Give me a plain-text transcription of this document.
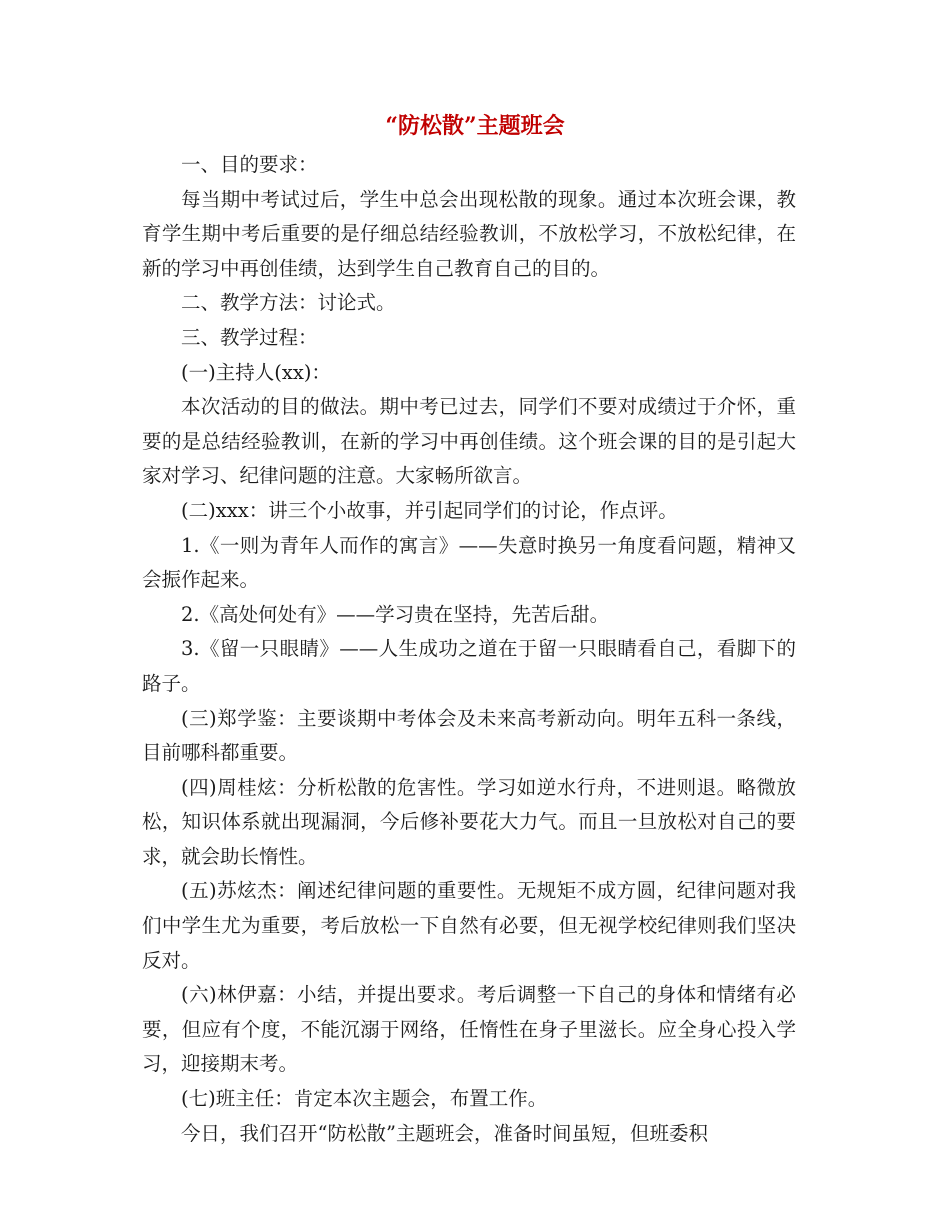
“防松散”主题班会

一、目的要求：

每当期中考试过后，学生中总会出现松散的现象。通过本次班会课，教育学生期中考后重要的是仔细总结经验教训，不放松学习，不放松纪律，在新的学习中再创佳绩，达到学生自己教育自己的目的。

二、教学方法：讨论式。

三、教学过程：

(一)主持人(xx)：

本次活动的目的做法。期中考已过去，同学们不要对成绩过于介怀，重要的是总结经验教训，在新的学习中再创佳绩。这个班会课的目的是引起大家对学习、纪律问题的注意。大家畅所欲言。

(二)xxx：讲三个小故事，并引起同学们的讨论，作点评。

1.《一则为青年人而作的寓言》——失意时换另一角度看问题，精神又会振作起来。

2.《高处何处有》——学习贵在坚持，先苦后甜。

3.《留一只眼睛》——人生成功之道在于留一只眼睛看自己，看脚下的路子。

(三)郑学鉴：主要谈期中考体会及未来高考新动向。明年五科一条线，目前哪科都重要。

(四)周桂炫：分析松散的危害性。学习如逆水行舟，不进则退。略微放松，知识体系就出现漏洞，今后修补要花大力气。而且一旦放松对自己的要求，就会助长惰性。

(五)苏炫杰：阐述纪律问题的重要性。无规矩不成方圆，纪律问题对我们中学生尤为重要，考后放松一下自然有必要，但无视学校纪律则我们坚决反对。

(六)林伊嘉：小结，并提出要求。考后调整一下自己的身体和情绪有必要，但应有个度，不能沉溺于网络，任惰性在身子里滋长。应全身心投入学习，迎接期末考。

(七)班主任：肯定本次主题会，布置工作。

今日，我们召开“防松散”主题班会，准备时间虽短，但班委积
